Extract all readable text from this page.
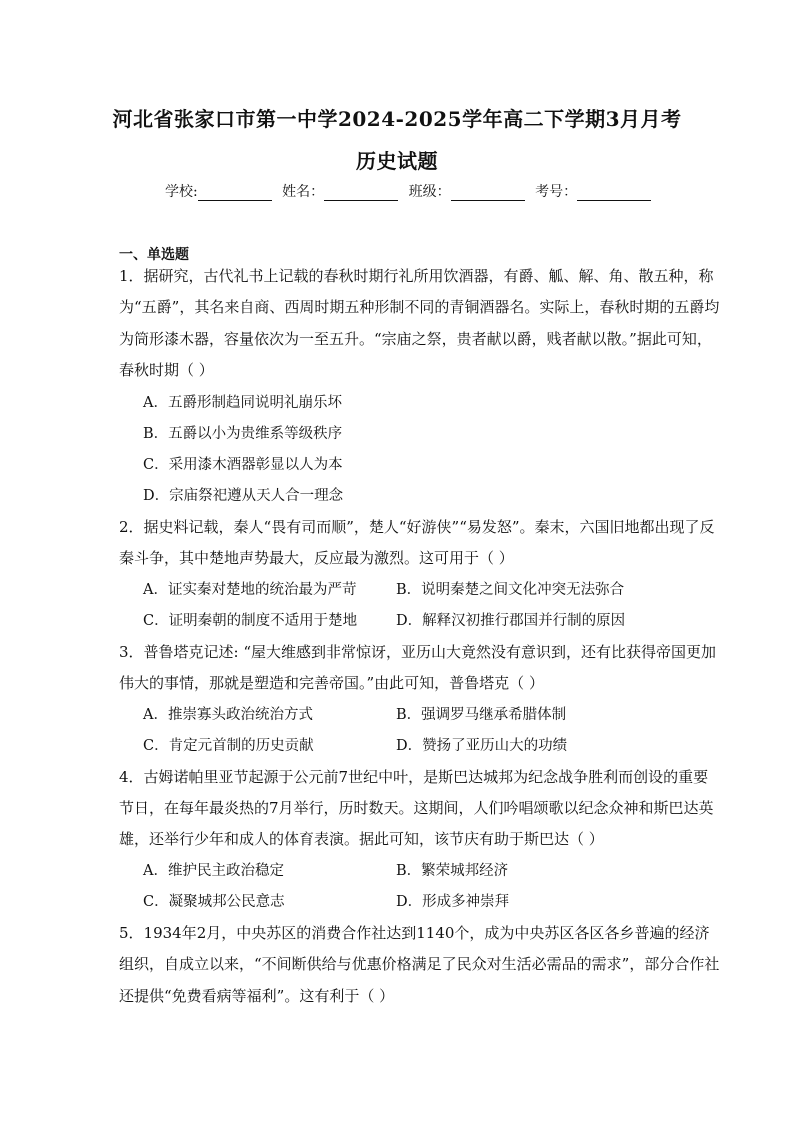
河北省张家口市第一中学2024-2025学年高二下学期3月月考
历史试题
学校:	姓名：	班级：	考号：
一、单选题
1．据研究，古代礼书上记载的春秋时期行礼所用饮酒器，有爵、觚、解、角、散五种，称
为“五爵”，其名来自商、西周时期五种形制不同的青铜酒器名。实际上，春秋时期的五爵均
为筒形漆木器，容量依次为一至五升。“宗庙之祭，贵者献以爵，贱者献以散。”据此可知，
春秋时期（ ）
A．五爵形制趋同说明礼崩乐坏
B．五爵以小为贵维系等级秩序
C．采用漆木酒器彰显以人为本
D．宗庙祭祀遵从天人合一理念
2．据史料记载，秦人“畏有司而顺”，楚人“好游侠”“易发怒”。秦末，六国旧地都出现了反
秦斗争，其中楚地声势最大，反应最为激烈。这可用于（ ）
A．证实秦对楚地的统治最为严苛	B．说明秦楚之间文化冲突无法弥合
C．证明秦朝的制度不适用于楚地	D．解释汉初推行郡国并行制的原因
3．普鲁塔克记述: “屋大维感到非常惊讶，亚历山大竟然没有意识到，还有比获得帝国更加
伟大的事情，那就是塑造和完善帝国。”由此可知，普鲁塔克（ ）
A．推崇寡头政治统治方式	B．强调罗马继承希腊体制
C．肯定元首制的历史贡献	D．赞扬了亚历山大的功绩
4．古姆诺帕里亚节起源于公元前7世纪中叶，是斯巴达城邦为纪念战争胜利而创设的重要
节日，在每年最炎热的7月举行，历时数天。这期间，人们吟唱颂歌以纪念众神和斯巴达英
雄，还举行少年和成人的体育表演。据此可知，该节庆有助于斯巴达（ ）
A．维护民主政治稳定	B．繁荣城邦经济
C．凝聚城邦公民意志	D．形成多神崇拜
5．1934年2月，中央苏区的消费合作社达到1140个，成为中央苏区各区各乡普遍的经济
组织，自成立以来，“不间断供给与优惠价格满足了民众对生活必需品的需求”，部分合作社
还提供“免费看病等福利”。这有利于（ ）
